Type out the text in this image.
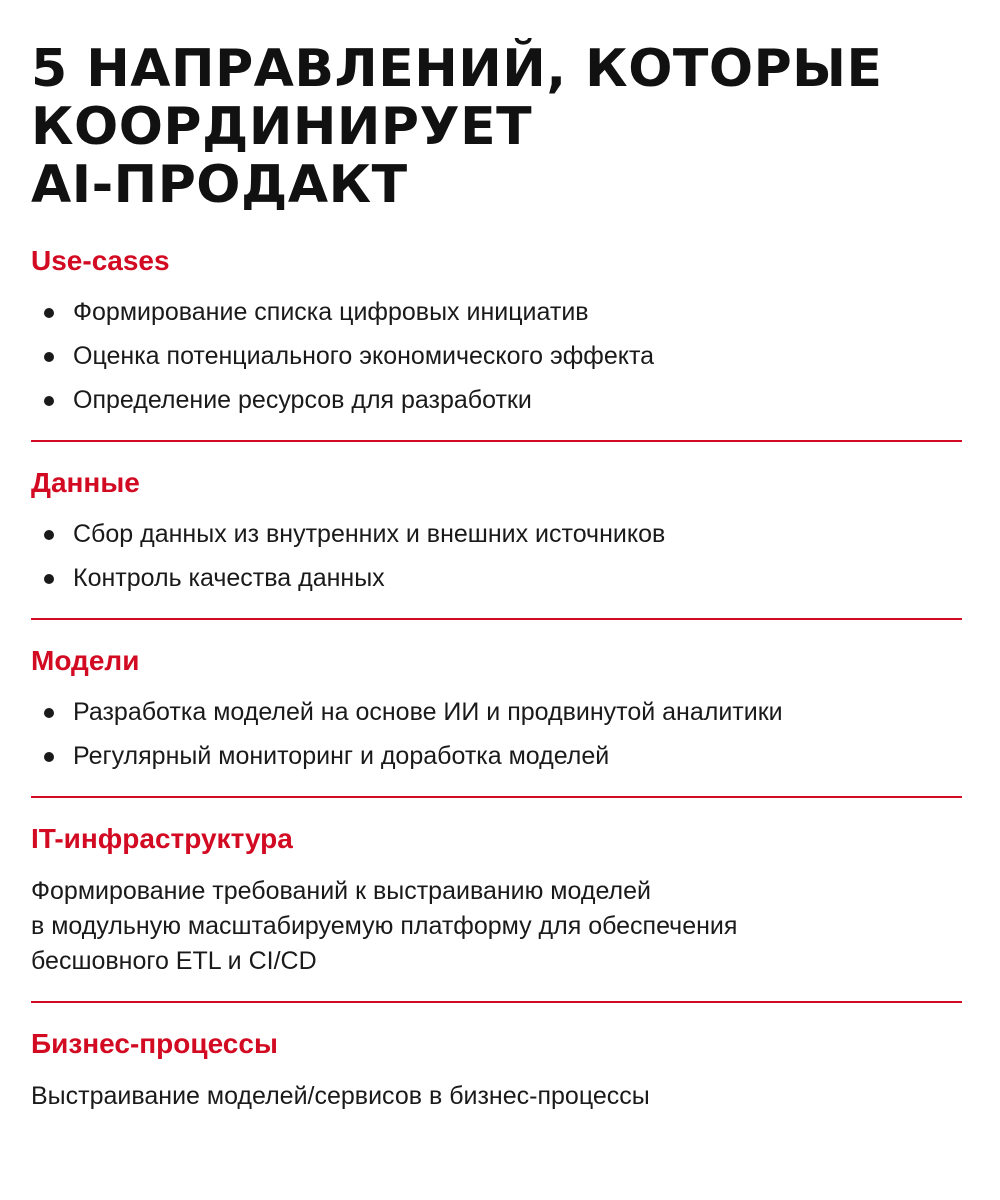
5 НАПРАВЛЕНИЙ, КОТОРЫЕ
КООРДИНИРУЕТ
AI-ПРОДАКТ
Use-cases
Формирование списка цифровых инициатив
Оценка потенциального экономического эффекта
Определение ресурсов для разработки
Данные
Сбор данных из внутренних и внешних источников
Контроль качества данных
Модели
Разработка моделей на основе ИИ и продвинутой аналитики
Регулярный мониторинг и доработка моделей
IT-инфраструктура

Формирование требований к выстраиванию моделей
в модульную масштабируемую платформу для обеспечения
бесшовного ETL и CI/CD

Бизнес-процессы

Выстраивание моделей/сервисов в бизнес-процессы
